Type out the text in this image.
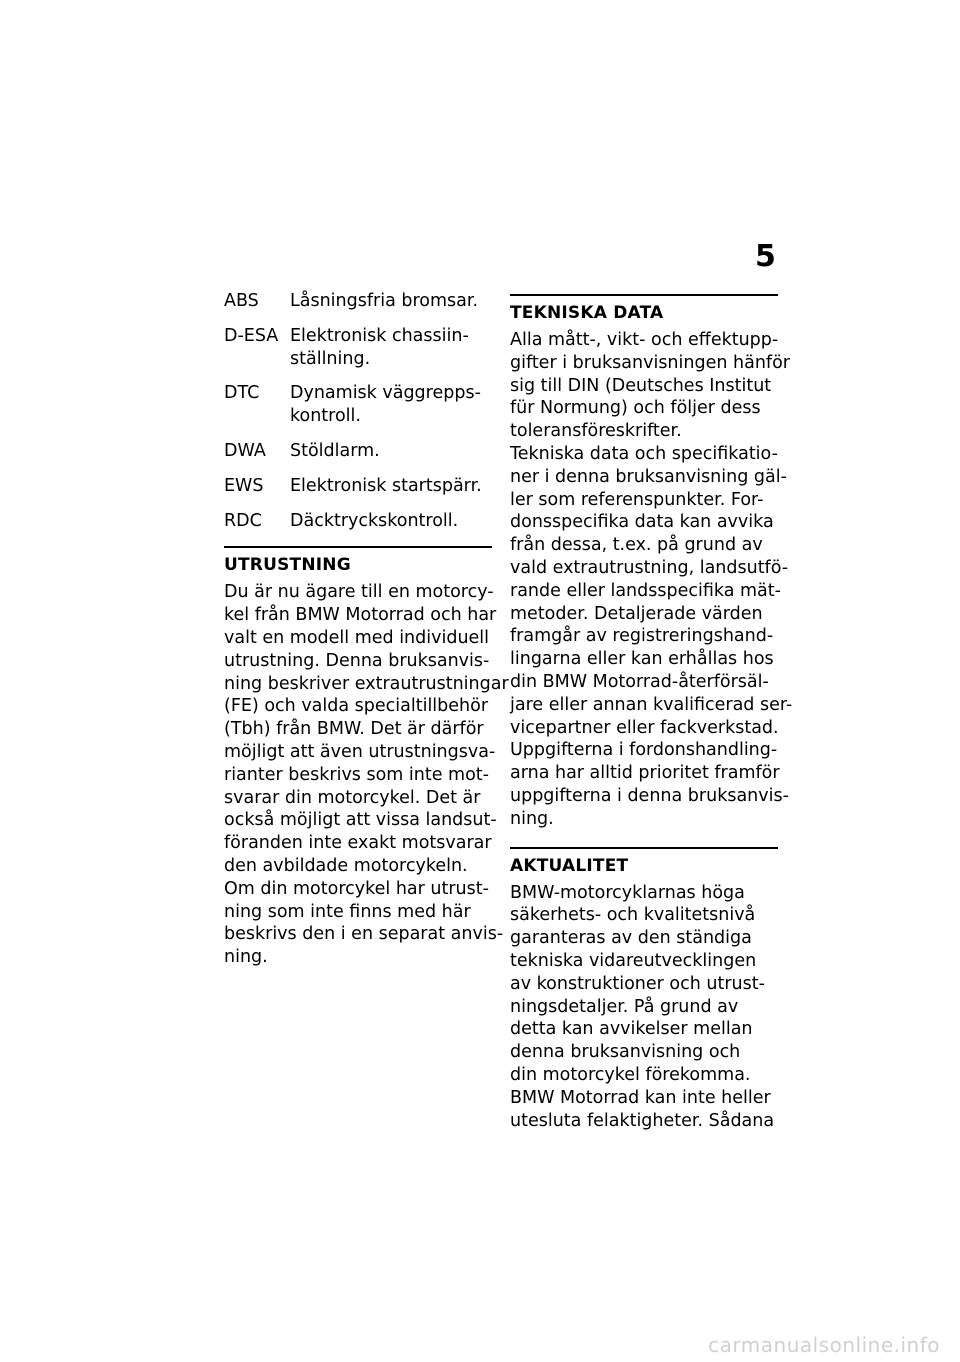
5
ABS	Låsningsfria bromsar.
D-ESA Elektronisk chassiin-
ställning.
DTC	Dynamisk väggrepps-
kontroll.
DWA	Stöldlarm.
EWS	Elektronisk startspärr.
RDC	Däcktryckskontroll.
UTRUSTNING

Du är nu ägare till en motorcy-
kel från BMW Motorrad och har
valt en modell med individuell
utrustning. Denna bruksanvis-
ning beskriver extrautrustningar
(FE) och valda specialtillbehör
(Tbh) från BMW. Det är därför
möjligt att även utrustningsva-
rianter beskrivs som inte mot-
svarar din motorcykel. Det är
också möjligt att vissa landsut-
föranden inte exakt motsvarar
den avbildade motorcykeln.

Om din motorcykel har utrust-
ning som inte finns med här
beskrivs den i en separat anvis-
ning.

TEKNISKA DATA

Alla mått-, vikt- och effektupp-
gifter i bruksanvisningen hänför
sig till DIN (Deutsches Institut
für Normung) och följer dess
toleransföreskrifter.

Tekniska data och specifikatio-
ner i denna bruksanvisning gäl-
ler som referenspunkter. For-
donsspecifika data kan avvika
från dessa, t.ex. på grund av
vald extrautrustning, landsutfö-
rande eller landsspecifika mät-
metoder. Detaljerade värden
framgår av registreringshand-
lingarna eller kan erhållas hos
din BMW Motorrad-återförsäl-
jare eller annan kvalificerad ser-
vicepartner eller fackverkstad.

Uppgifterna i fordonshandling-
arna har alltid prioritet framför
uppgifterna i denna bruksanvis-
ning.

AKTUALITET

BMW-motorcyklarnas höga
säkerhets- och kvalitetsnivå
garanteras av den ständiga
tekniska vidareutvecklingen
av konstruktioner och utrust-
ningsdetaljer. På grund av
detta kan avvikelser mellan
denna bruksanvisning och
din motorcykel förekomma.
BMW Motorrad kan inte heller
utesluta felaktigheter. Sådana

carmanualsonline.info
